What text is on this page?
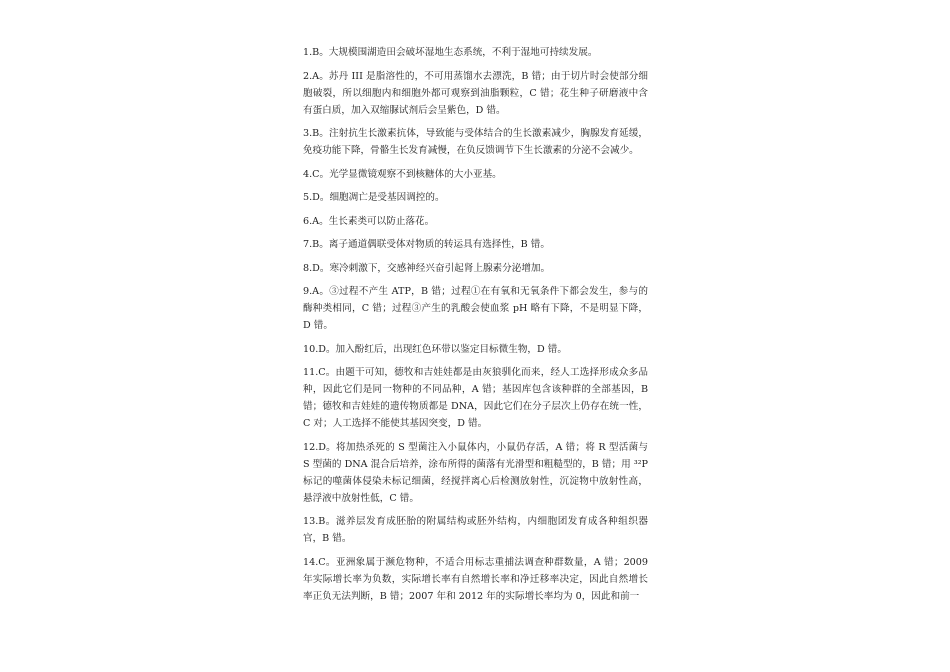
1.B。大规模围湖造田会破坏湿地生态系统，不利于湿地可持续发展。

2.A。苏丹 III 是脂溶性的，不可用蒸馏水去漂洗，B 错；由于切片时会使部分细胞破裂，所以细胞内和细胞外都可观察到油脂颗粒，C 错；花生种子研磨液中含有蛋白质，加入双缩脲试剂后会呈紫色，D 错。

3.B。注射抗生长激素抗体，导致能与受体结合的生长激素减少，胸腺发育延缓，免疫功能下降，骨骼生长发育减慢，在负反馈调节下生长激素的分泌不会减少。

4.C。光学显微镜观察不到核糖体的大小亚基。

5.D。细胞凋亡是受基因调控的。

6.A。生长素类可以防止落花。

7.B。离子通道偶联受体对物质的转运具有选择性，B 错。

8.D。寒冷刺激下，交感神经兴奋引起肾上腺素分泌增加。

9.A。③过程不产生 ATP，B 错；过程①在有氧和无氧条件下都会发生，参与的酶种类相同，C 错；过程③产生的乳酸会使血浆 pH 略有下降，不是明显下降，D 错。

10.D。加入酚红后，出现红色环带以鉴定目标微生物，D 错。

11.C。由题干可知，德牧和吉娃娃都是由灰狼驯化而来，经人工选择形成众多品种，因此它们是同一物种的不同品种，A 错；基因库包含该种群的全部基因，B 错；德牧和吉娃娃的遗传物质都是 DNA，因此它们在分子层次上仍存在统一性，C 对；人工选择不能使其基因突变，D 错。

12.D。将加热杀死的 S 型菌注入小鼠体内，小鼠仍存活，A 错；将 R 型活菌与 S 型菌的 DNA 混合后培养，涂布所得的菌落有光滑型和粗糙型的，B 错；用 ³²P 标记的噬菌体侵染未标记细菌，经搅拌离心后检测放射性，沉淀物中放射性高，悬浮液中放射性低，C 错。

13.B。滋养层发育成胚胎的附属结构或胚外结构，内细胞团发育成各种组织器官，B 错。

14.C。亚洲象属于濒危物种，不适合用标志重捕法调查种群数量，A 错；2009 年实际增长率为负数，实际增长率有自然增长率和净迁移率决定，因此自然增长率正负无法判断，B 错；2007 年和 2012 年的实际增长率均为 0，因此和前一
